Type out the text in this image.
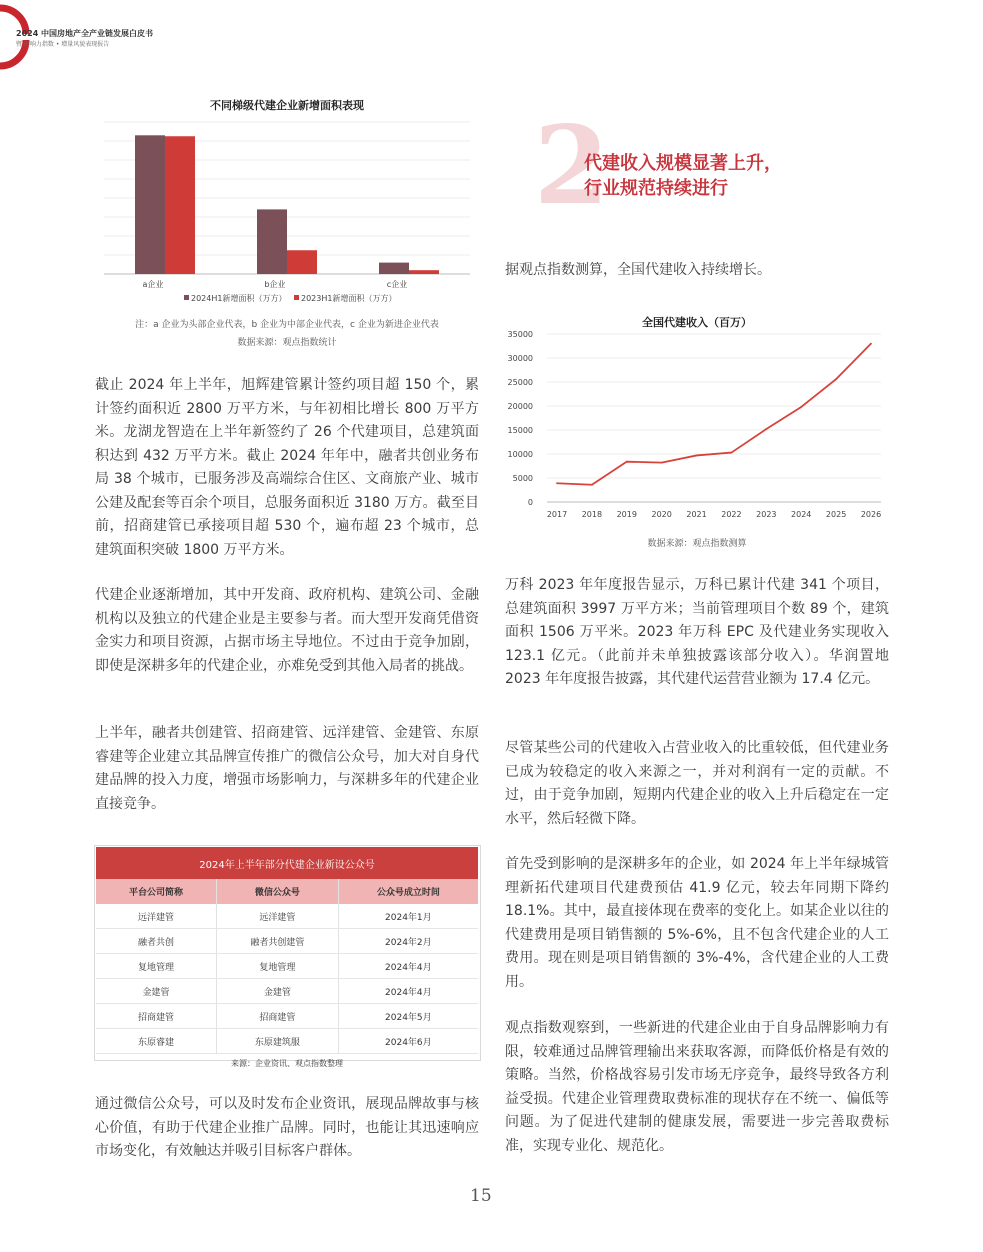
2024 中国房地产全产业链发展白皮书
暨 影响力指数 • 增量风貌表现报告
不同梯级代建企业新增面积表现
a企业	b企业	c企业
2024H1新增面积（万方） 2023H1新增面积（万方）
注：a 企业为头部企业代表，b 企业为中部企业代表，c 企业为新进企业代表
数据来源：观点指数统计
截止 2024 年上半年，旭辉建管累计签约项目超 150 个，累计签约面积近 2800 万平方米，与年初相比增长 800 万平方米。龙湖龙智造在上半年新签约了 26 个代建项目，总建筑面积达到 432 万平方米。截止 2024 年年中，融者共创业务布局 38 个城市，已服务涉及高端综合住区、文商旅产业、城市公建及配套等百余个项目，总服务面积近 3180 万方。截至目前，招商建管已承接项目超 530 个，遍布超 23 个城市，总建筑面积突破 1800 万平方米。
代建企业逐渐增加，其中开发商、政府机构、建筑公司、金融机构以及独立的代建企业是主要参与者。而大型开发商凭借资金实力和项目资源，占据市场主导地位。不过由于竞争加剧，即使是深耕多年的代建企业，亦难免受到其他入局者的挑战。
上半年，融者共创建管、招商建管、远洋建管、金建管、东原睿建等企业建立其品牌宣传推广的微信公众号，加大对自身代建品牌的投入力度，增强市场影响力，与深耕多年的代建企业直接竞争。
2024年上半年部分代建企业新设公众号		
平台公司简称	微信公众号	公众号成立时间
远洋建管	远洋建管	2024年1月
融者共创	融者共创建管	2024年2月
复地管理	复地管理	2024年4月
金建管	金建管	2024年4月
招商建管	招商建管	2024年5月
东原睿建	东原建筑服	2024年6月
来源：企业资讯、观点指数整理		
通过微信公众号，可以及时发布企业资讯，展现品牌故事与核心价值，有助于代建企业推广品牌。同时，也能让其迅速响应市场变化，有效触达并吸引目标客户群体。
2
代建收入规模显著上升，
行业规范持续进行
据观点指数测算，全国代建收入持续增长。
全国代建收入（百万）
0
5000
10000
15000
20000
25000
30000
35000
2017 2018 2019 2020 2021 2022 2023 2024 2025 2026
数据来源：观点指数测算
万科 2023 年年度报告显示，万科已累计代建 341 个项目，总建筑面积 3997 万平方米；当前管理项目个数 89 个，建筑面积 1506 万平米。2023 年万科 EPC 及代建业务实现收入 123.1 亿元。（此前并未单独披露该部分收入）。华润置地 2023 年年度报告披露，其代建代运营营业额为 17.4 亿元。
尽管某些公司的代建收入占营业收入的比重较低，但代建业务已成为较稳定的收入来源之一，并对利润有一定的贡献。不过，由于竞争加剧，短期内代建企业的收入上升后稳定在一定水平，然后轻微下降。
首先受到影响的是深耕多年的企业，如 2024 年上半年绿城管理新拓代建项目代建费预估 41.9 亿元，较去年同期下降约 18.1%。其中，最直接体现在费率的变化上。如某企业以往的代建费用是项目销售额的 5%-6%，且不包含代建企业的人工费用。现在则是项目销售额的 3%-4%，含代建企业的人工费用。
观点指数观察到，一些新进的代建企业由于自身品牌影响力有限，较难通过品牌管理输出来获取客源，而降低价格是有效的策略。当然，价格战容易引发市场无序竞争，最终导致各方利益受损。代建企业管理费取费标准的现状存在不统一、偏低等问题。为了促进代建制的健康发展，需要进一步完善取费标准，实现专业化、规范化。
15
